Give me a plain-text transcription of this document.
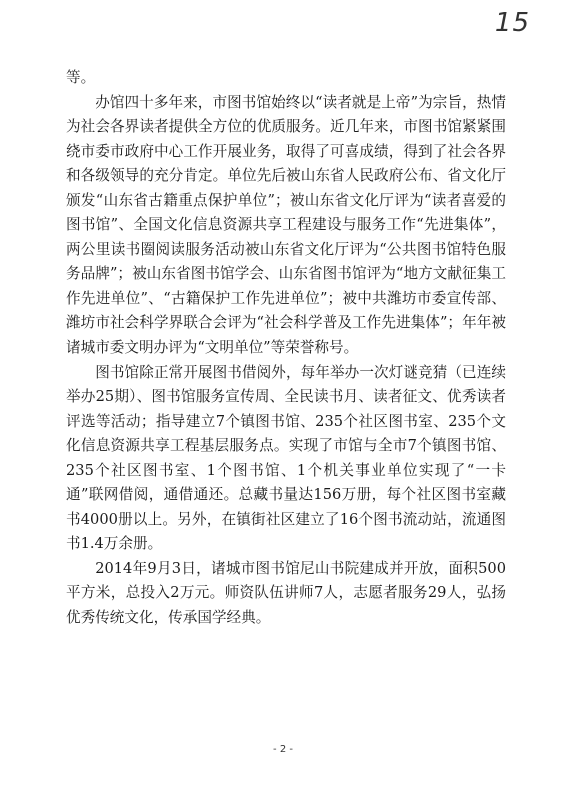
15

等。

办馆四十多年来，市图书馆始终以“读者就是上帝”为宗旨，热情为社会各界读者提供全方位的优质服务。近几年来，市图书馆紧紧围绕市委市政府中心工作开展业务，取得了可喜成绩，得到了社会各界和各级领导的充分肯定。单位先后被山东省人民政府公布、省文化厅颁发“山东省古籍重点保护单位”；被山东省文化厅评为“读者喜爱的图书馆”、全国文化信息资源共享工程建设与服务工作“先进集体”，两公里读书圈阅读服务活动被山东省文化厅评为“公共图书馆特色服务品牌”；被山东省图书馆学会、山东省图书馆评为“地方文献征集工作先进单位”、“古籍保护工作先进单位”；被中共潍坊市委宣传部、潍坊市社会科学界联合会评为“社会科学普及工作先进集体”；年年被诸城市委文明办评为“文明单位”等荣誉称号。

图书馆除正常开展图书借阅外，每年举办一次灯谜竞猜（已连续举办25期）、图书馆服务宣传周、全民读书月、读者征文、优秀读者评选等活动；指导建立7个镇图书馆、235个社区图书室、235个文化信息资源共享工程基层服务点。实现了市馆与全市7个镇图书馆、235个社区图书室、1个图书馆、1个机关事业单位实现了“一卡通”联网借阅，通借通还。总藏书量达156万册，每个社区图书室藏书4000册以上。另外，在镇街社区建立了16个图书流动站，流通图书1.4万余册。

2014年9月3日，诸城市图书馆尼山书院建成并开放，面积500平方米，总投入2万元。师资队伍讲师7人，志愿者服务29人，弘扬优秀传统文化，传承国学经典。

- 2 -
